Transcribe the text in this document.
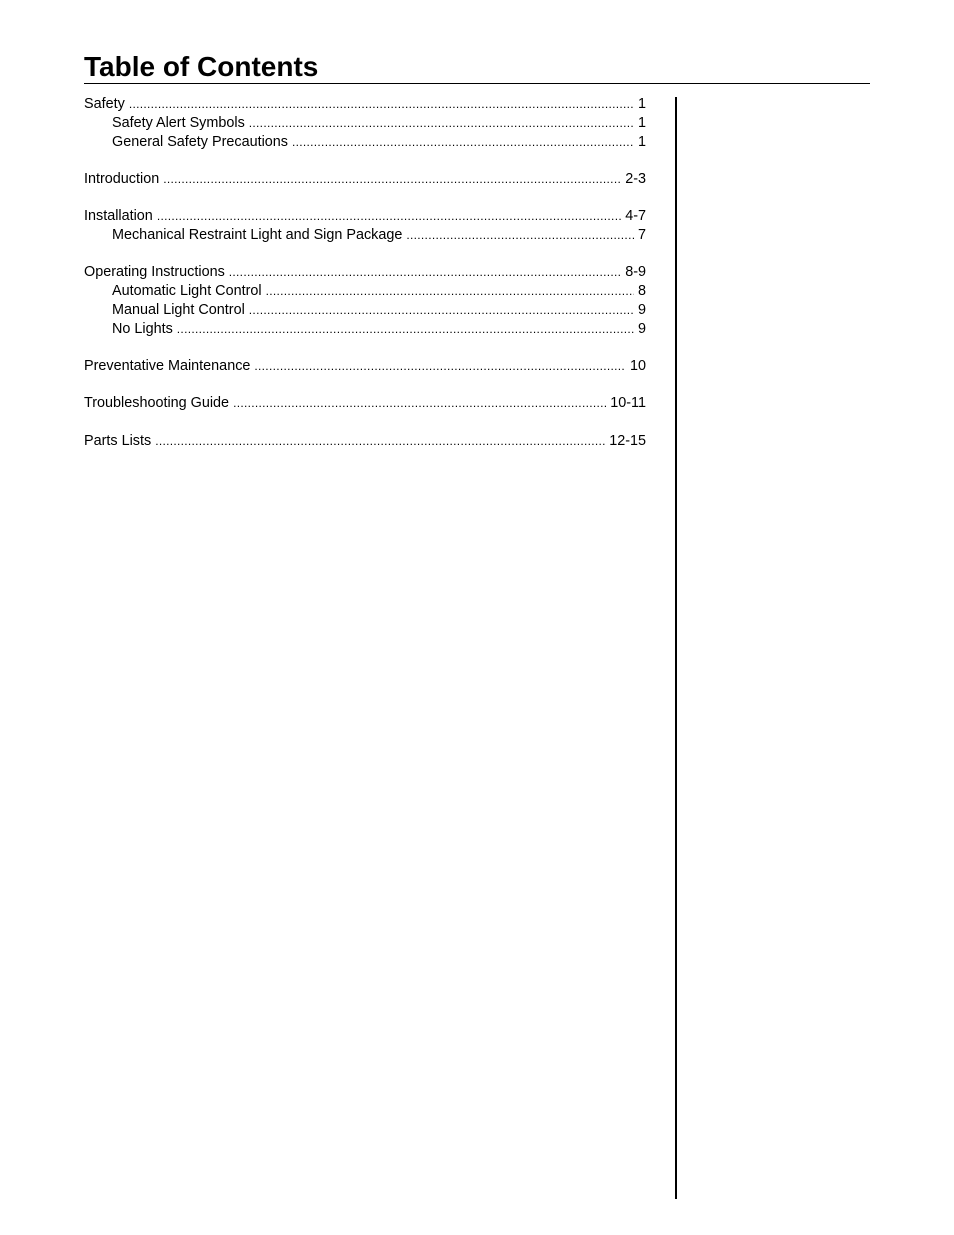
Table of Contents
Safety .....	1
Safety Alert Symbols .....	1
General Safety Precautions .....	1
Introduction .....	2-3
Installation .....	4-7
Mechanical Restraint Light and Sign Package .....	7
Operating Instructions .....	8-9
Automatic Light Control .....	8
Manual Light Control .....	9
No Lights .....	9
Preventative Maintenance .....	10
Troubleshooting Guide .....	10-11
Parts Lists .....	12-15
